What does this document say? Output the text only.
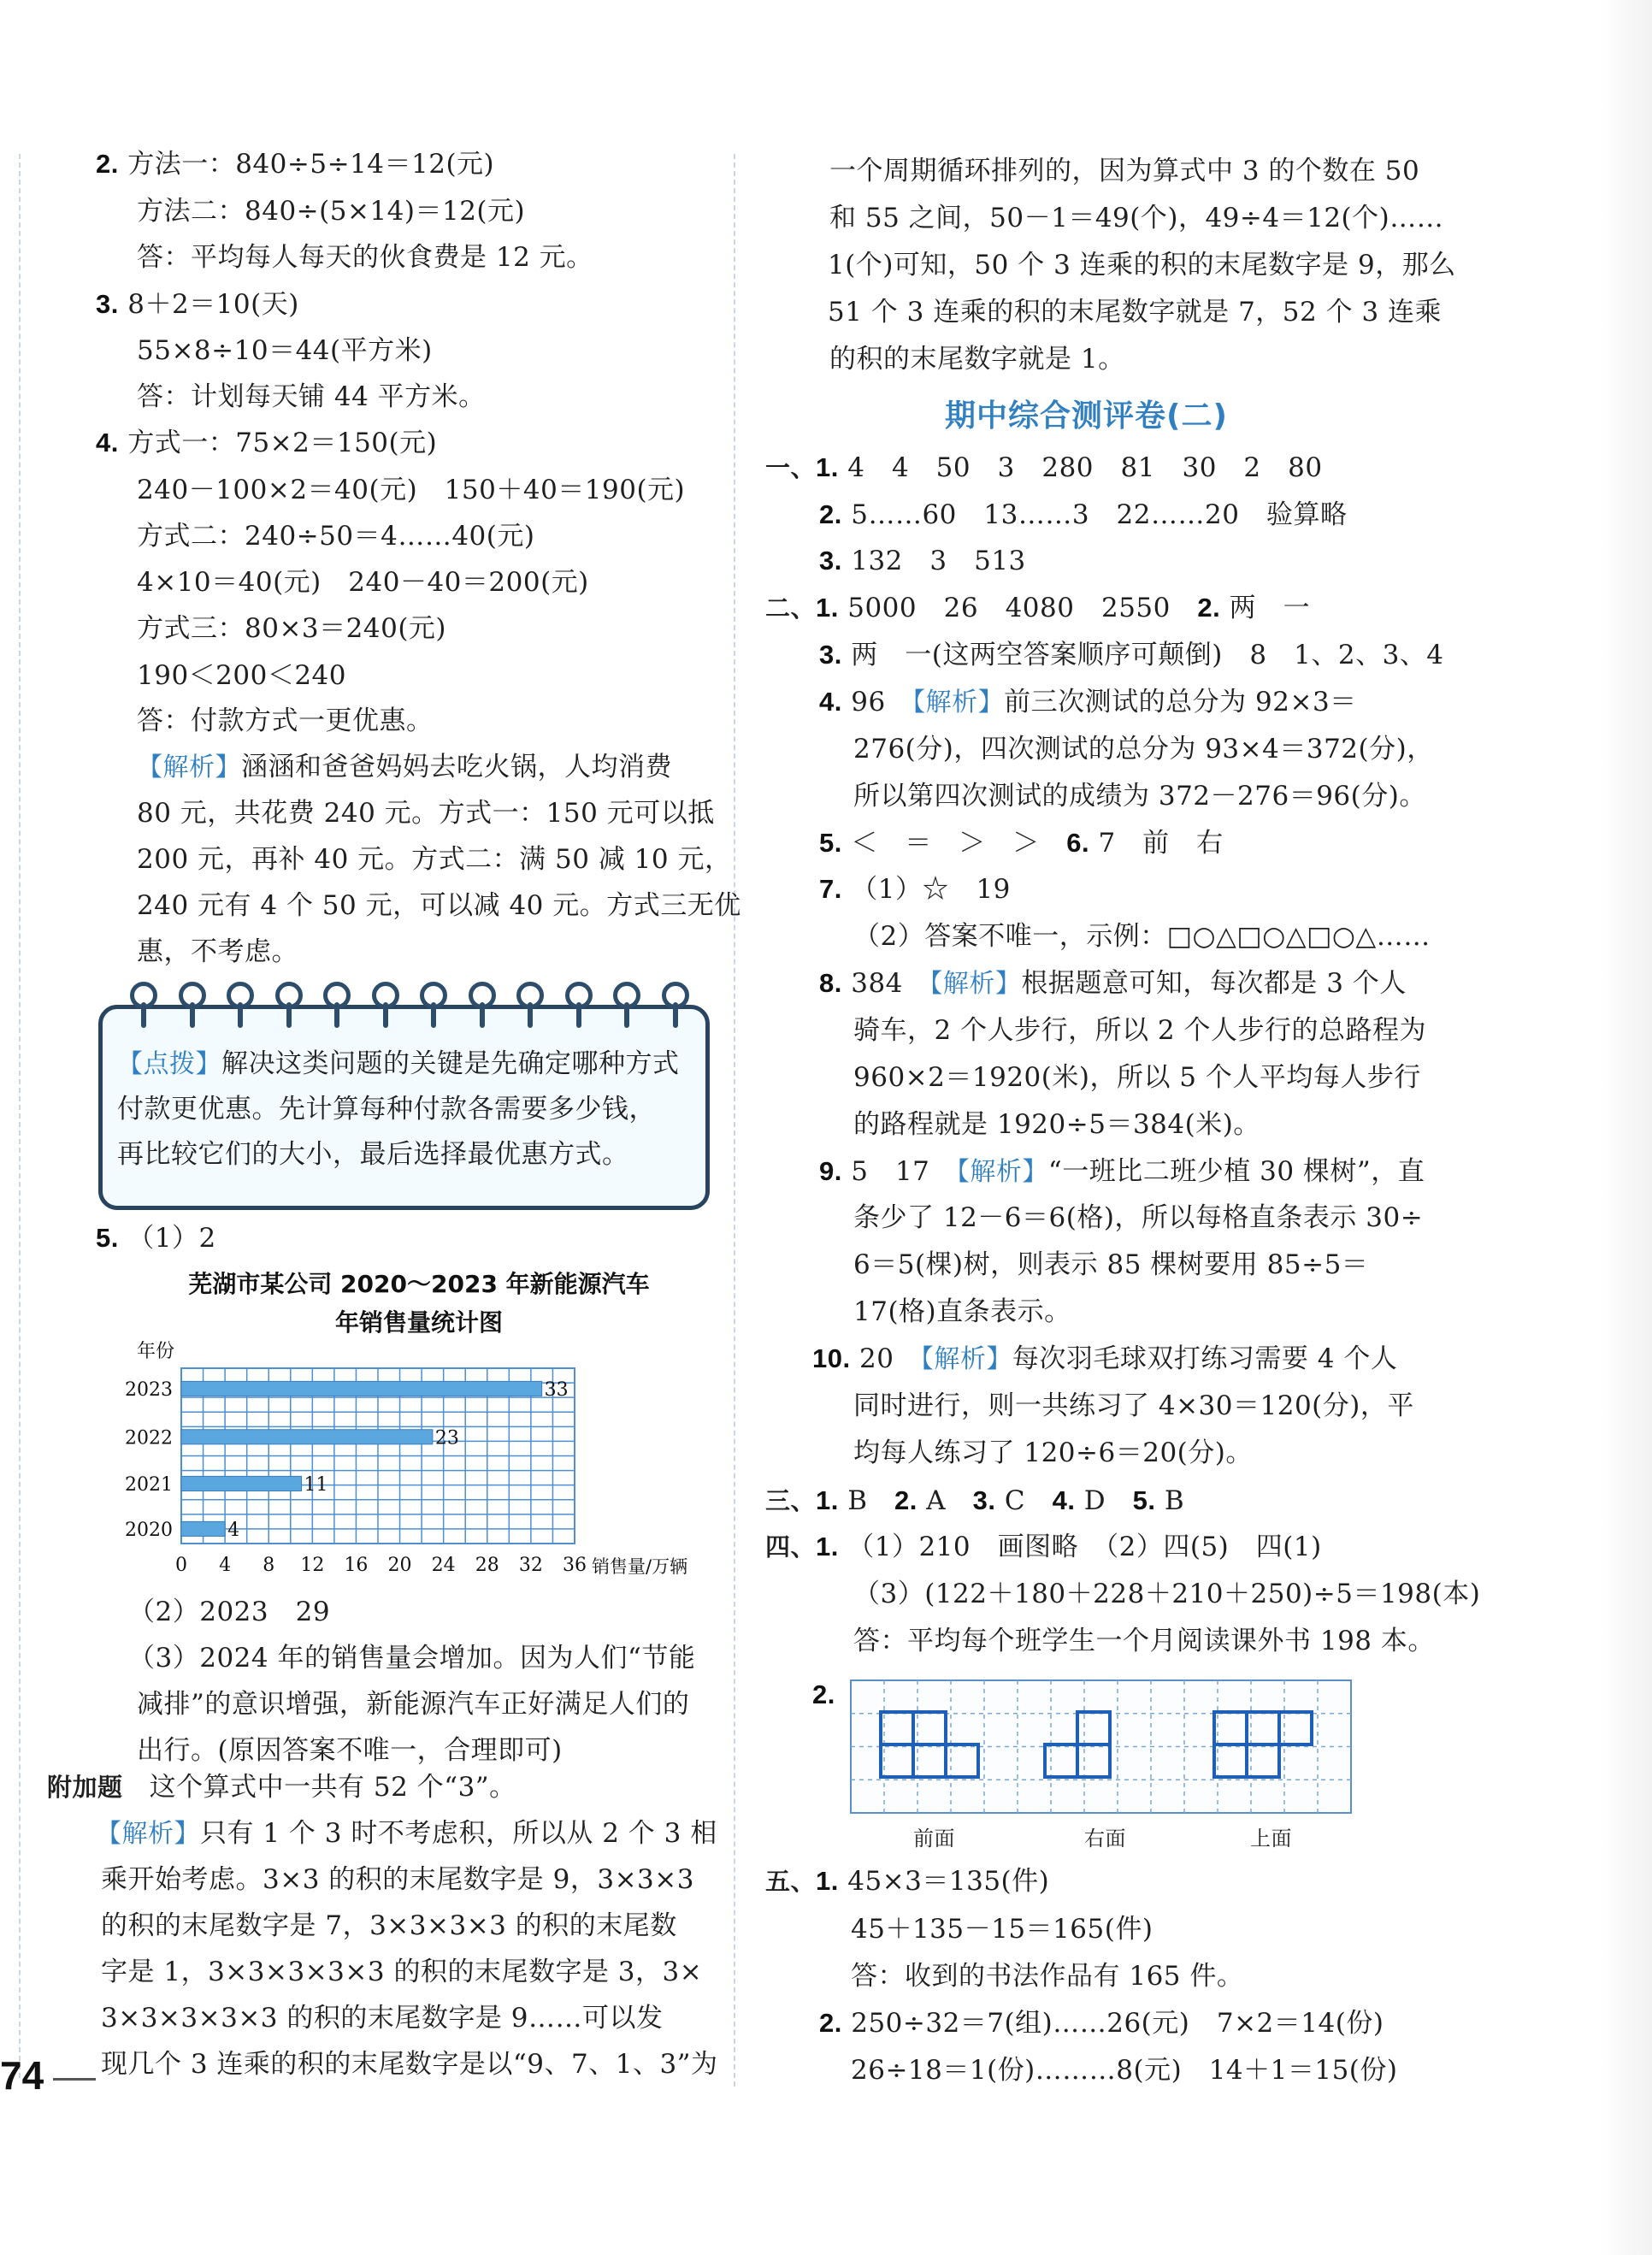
2. 方法一：840÷5÷14＝12(元)
方法二：840÷(5×14)＝12(元)
答：平均每人每天的伙食费是 12 元。
3. 8＋2＝10(天)
55×8÷10＝44(平方米)
答：计划每天铺 44 平方米。
4. 方式一：75×2＝150(元)
240－100×2＝40(元)　150＋40＝190(元)
方式二：240÷50＝4……40(元)
4×10＝40(元)　240－40＝200(元)
方式三：80×3＝240(元)
190＜200＜240
答：付款方式一更优惠。
【解析】涵涵和爸爸妈妈去吃火锅，人均消费
80 元，共花费 240 元。方式一：150 元可以抵
200 元，再补 40 元。方式二：满 50 减 10 元，
240 元有 4 个 50 元，可以减 40 元。方式三无优
惠，不考虑。
【点拨】解决这类问题的关键是先确定哪种方式
付款更优惠。先计算每种付款各需要多少钱，
再比较它们的大小，最后选择最优惠方式。
5. （1）2
芜湖市某公司 2020～2023 年新能源汽车
年销售量统计图
年份
2023	33
2022	23
2021	11
2020	4
0 4 8 12 16 20 24 28 32 36 销售量/万辆
（2）2023　29
（3）2024 年的销售量会增加。因为人们“节能
减排”的意识增强，新能源汽车正好满足人们的
出行。(原因答案不唯一，合理即可)
附加题 这个算式中一共有 52 个“3”。
【解析】只有 1 个 3 时不考虑积，所以从 2 个 3 相
乘开始考虑。3×3 的积的末尾数字是 9，3×3×3
的积的末尾数字是 7，3×3×3×3 的积的末尾数
字是 1，3×3×3×3×3 的积的末尾数字是 3，3×
3×3×3×3×3 的积的末尾数字是 9……可以发
现几个 3 连乘的积的末尾数字是以“9、7、1、3”为
74
一个周期循环排列的，因为算式中 3 的个数在 50
和 55 之间，50－1＝49(个)，49÷4＝12(个)……
1(个)可知，50 个 3 连乘的积的末尾数字是 9，那么
51 个 3 连乘的积的末尾数字就是 7，52 个 3 连乘
的积的末尾数字就是 1。
期中综合测评卷(二)
一、1. 4　4　50　3　280　81　30　2　80
2. 5……60　13……3　22……20　验算略
3. 132　3　513
二、1. 5000　26　4080　2550　2. 两　一
3. 两　一(这两空答案顺序可颠倒)　8　1、2、3、4
4. 96　【解析】前三次测试的总分为 92×3＝
276(分)，四次测试的总分为 93×4＝372(分)，
所以第四次测试的成绩为 372－276＝96(分)。
5. ＜　＝　＞　＞　6. 7　前　右
7. （1）☆　19
（2）答案不唯一，示例：□○△□○△□○△……
8. 384　【解析】根据题意可知，每次都是 3 个人
骑车，2 个人步行，所以 2 个人步行的总路程为
960×2＝1920(米)，所以 5 个人平均每人步行
的路程就是 1920÷5＝384(米)。
9. 5　17　【解析】“一班比二班少植 30 棵树”，直
条少了 12－6＝6(格)，所以每格直条表示 30÷
6＝5(棵)树，则表示 85 棵树要用 85÷5＝
17(格)直条表示。
10. 20　【解析】每次羽毛球双打练习需要 4 个人
同时进行，则一共练习了 4×30＝120(分)，平
均每人练习了 120÷6＝20(分)。
三、1. B　2. A　3. C　4. D　5. B
四、1. （1）210　画图略　（2）四(5)　四(1)
（3）(122＋180＋228＋210＋250)÷5＝198(本)
答：平均每个班学生一个月阅读课外书 198 本。
2.
前面	右面	上面
五、1. 45×3＝135(件)
45＋135－15＝165(件)
答：收到的书法作品有 165 件。
2. 250÷32＝7(组)……26(元)　7×2＝14(份)
26÷18＝1(份)………8(元)　14＋1＝15(份)
